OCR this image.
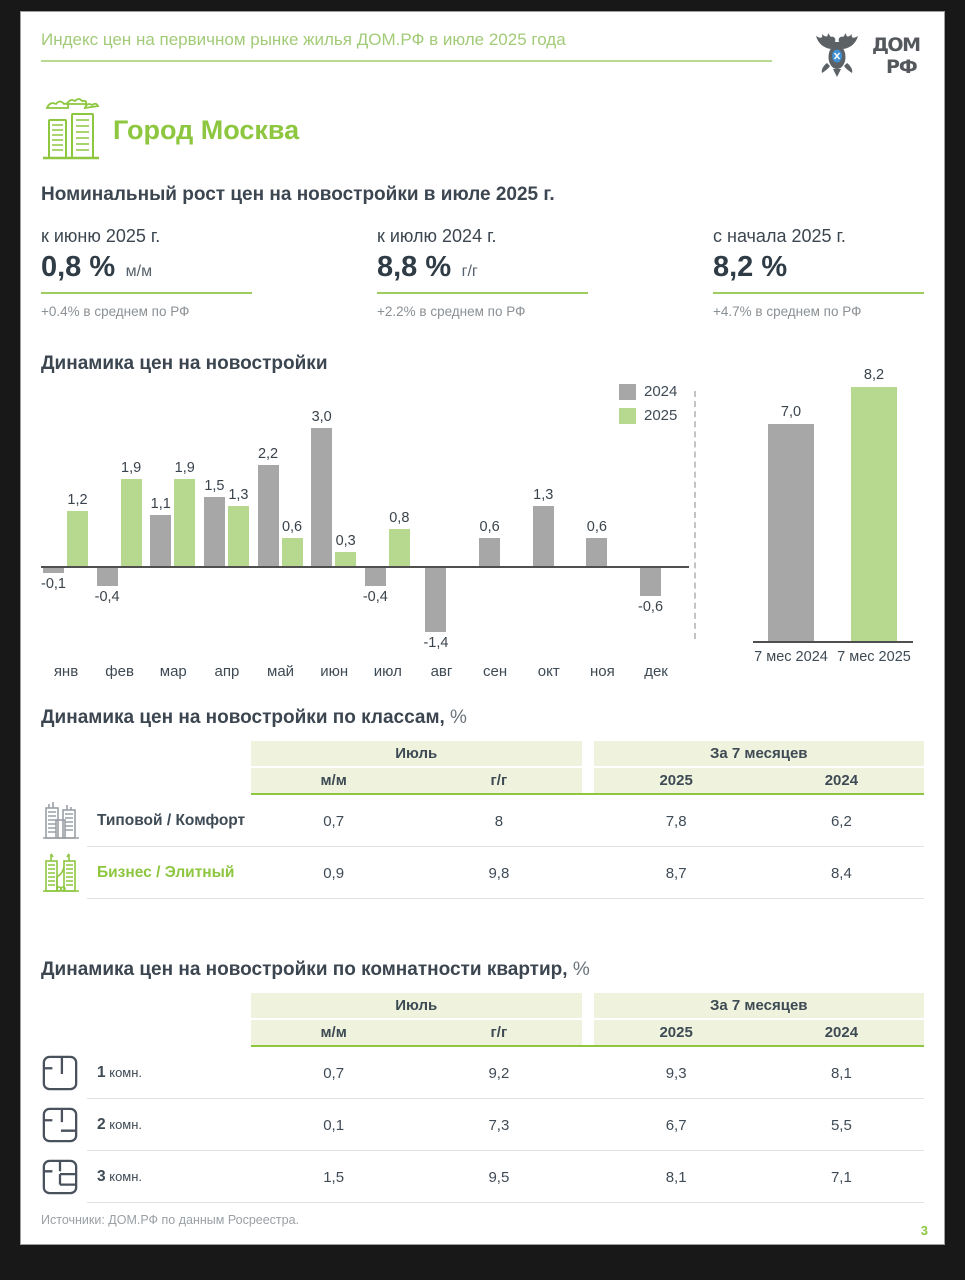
Индекс цен на первичном рынке жилья ДОМ.РФ в июле 2025 года	ДОМ
РФ
Город Москва
Номинальный рост цен на новостройки в июле 2025 г.
к июню 2025 г.
0,8 % м/м
+0.4% в среднем по РФ
к июлю 2024 г.
8,8 % г/г
+2.2% в среднем по РФ
с начала 2025 г.
8,2 %
+4.7% в среднем по РФ
Динамика цен на новостройки
-0,1
1,2
янв
-0,4
1,9
фев
1,1
1,9
мар
1,5
1,3
апр
2,2
0,6
май
3,0
0,3
июн
-0,4
0,8
июл
-1,4
авг
0,6
сен
1,3
окт
0,6
ноя
-0,6
дек
2024
2025	7,0
7 мес 2024
8,2
7 мес 2025
Динамика цен на новостройки по классам, %
Июль	За 7 месяцев
м/м	г/г	2025	2024
Типовой / Комфорт	0,7	8	7,8	6,2
Бизнес / Элитный	0,9	9,8	8,7	8,4
Динамика цен на новостройки по комнатности квартир, %
Июль	За 7 месяцев
м/м	г/г	2025	2024
1 комн.	0,7	9,2	9,3	8,1
2 комн.	0,1	7,3	6,7	5,5
3 комн.	1,5	9,5	8,1	7,1
Источники: ДОМ.РФ по данным Росреестра.
3
